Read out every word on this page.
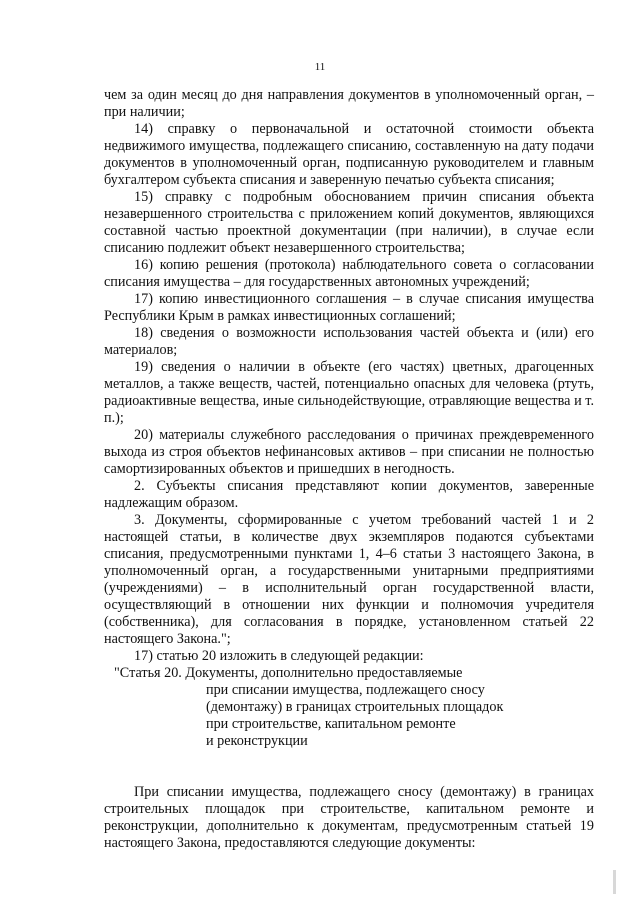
11

чем за один месяц до дня направления документов в уполномоченный орган, – при наличии;

14) справку о первоначальной и остаточной стоимости объекта недвижимого имущества, подлежащего списанию, составленную на дату подачи документов в уполномоченный орган, подписанную руководителем и главным бухгалтером субъекта списания и заверенную печатью субъекта списания;

15) справку с подробным обоснованием причин списания объекта незавершенного строительства с приложением копий документов, являющихся составной частью проектной документации (при наличии), в случае если списанию подлежит объект незавершенного строительства;

16) копию решения (протокола) наблюдательного совета о согласовании списания имущества – для государственных автономных учреждений;

17) копию инвестиционного соглашения – в случае списания имущества Республики Крым в рамках инвестиционных соглашений;

18) сведения о возможности использования частей объекта и (или) его материалов;

19) сведения о наличии в объекте (его частях) цветных, драгоценных металлов, а также веществ, частей, потенциально опасных для человека (ртуть, радиоактивные вещества, иные сильнодействующие, отравляющие вещества и т. п.);

20) материалы служебного расследования о причинах преждевременного выхода из строя объектов нефинансовых активов – при списании не полностью самортизированных объектов и пришедших в негодность.

2. Субъекты списания представляют копии документов, заверенные надлежащим образом.

3. Документы, сформированные с учетом требований частей 1 и 2 настоящей статьи, в количестве двух экземпляров подаются субъектами списания, предусмотренными пунктами 1, 4–6 статьи 3 настоящего Закона, в уполномоченный орган, а государственными унитарными предприятиями (учреждениями) – в исполнительный орган государственной власти, осуществляющий в отношении них функции и полномочия учредителя (собственника), для согласования в порядке, установленном статьей 22 настоящего Закона.";

17) статью 20 изложить в следующей редакции:

"Статья 20. Документы, дополнительно предоставляемые
при списании имущества, подлежащего сносу
(демонтажу) в границах строительных площадок
при строительстве, капитальном ремонте
и реконструкции

При списании имущества, подлежащего сносу (демонтажу) в границах строительных площадок при строительстве, капитальном ремонте и реконструкции, дополнительно к документам, предусмотренным статьей 19 настоящего Закона, предоставляются следующие документы:
